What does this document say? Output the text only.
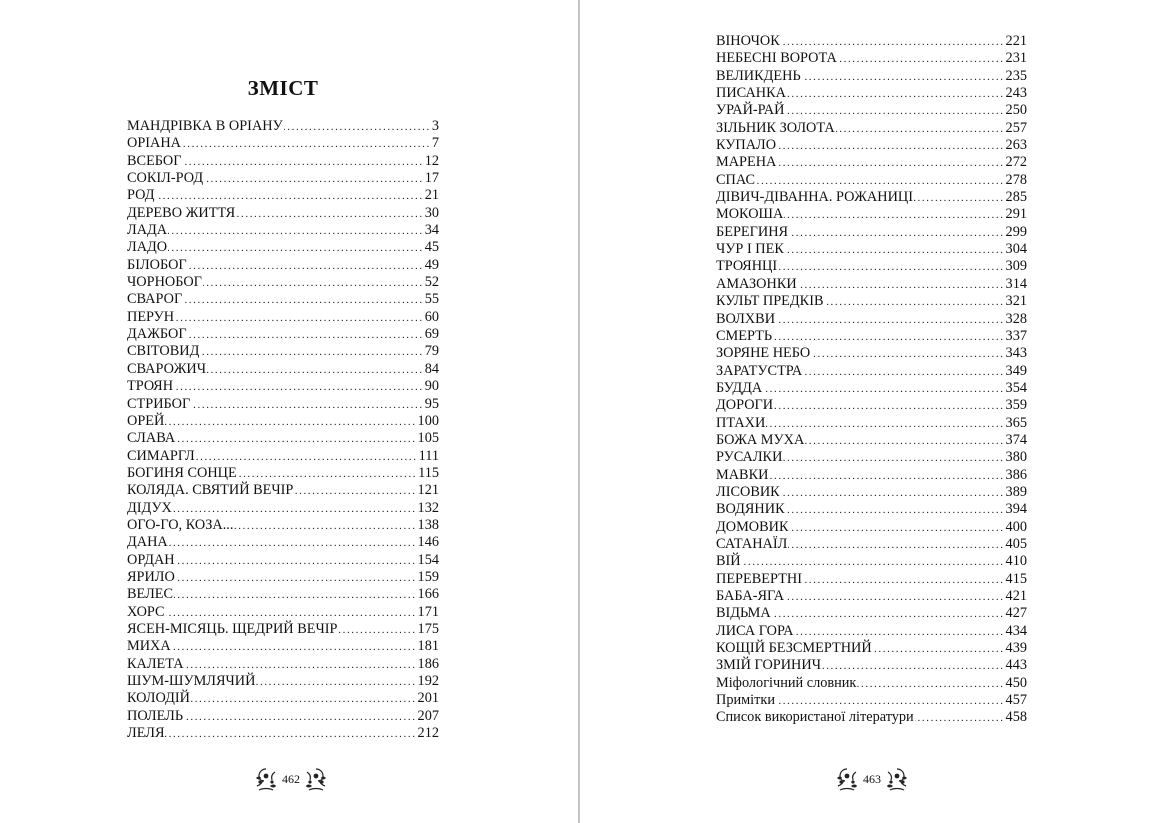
ЗМІСТ
МАНДРІВКА В ОРІАНУ .....	3
ОРІАНА .....	7
ВСЕБОГ .....	12
СОКІЛ-РОД .....	17
РОД .....	21
ДЕРЕВО ЖИТТЯ .....	30
ЛАДА .....	34
ЛАДО .....	45
БІЛОБОГ .....	49
ЧОРНОБОГ .....	52
СВАРОГ .....	55
ПЕРУН .....	60
ДАЖБОГ .....	69
СВІТОВИД .....	79
СВАРОЖИЧ .....	84
ТРОЯН .....	90
СТРИБОГ .....	95
ОРЕЙ .....	100
СЛАВА .....	105
СИМАРГЛ .....	111
БОГИНЯ СОНЦЕ .....	115
КОЛЯДА. СВЯТИЙ ВЕЧІР .....	121
ДІДУХ .....	132
ОГО-ГО, КОЗА... .....	138
ДАНА .....	146
ОРДАН .....	154
ЯРИЛО .....	159
ВЕЛЕС .....	166
ХОРС .....	171
ЯСЕН-МІСЯЦЬ. ЩЕДРИЙ ВЕЧІР .....	175
МИХА .....	181
КАЛЕТА .....	186
ШУМ-ШУМЛЯЧИЙ .....	192
КОЛОДІЙ .....	201
ПОЛЕЛЬ .....	207
ЛЕЛЯ .....	212
462
ВІНОЧОК .....	221
НЕБЕСНІ ВОРОТА .....	231
ВЕЛИКДЕНЬ .....	235
ПИСАНКА .....	243
УРАЙ-РАЙ .....	250
ЗІЛЬНИК ЗОЛОТА .....	257
КУПАЛО .....	263
МАРЕНА .....	272
СПАС .....	278
ДІВИЧ-ДІВАННА. РОЖАНИЦІ .....	285
МОКОША .....	291
БЕРЕГИНЯ .....	299
ЧУР І ПЕК .....	304
ТРОЯНЦІ .....	309
АМАЗОНКИ .....	314
КУЛЬТ ПРЕДКІВ .....	321
ВОЛХВИ .....	328
СМЕРТЬ .....	337
ЗОРЯНЕ НЕБО .....	343
ЗАРАТУСТРА .....	349
БУДДА .....	354
ДОРОГИ .....	359
ПТАХИ .....	365
БОЖА МУХА .....	374
РУСАЛКИ .....	380
МАВКИ .....	386
ЛІСОВИК .....	389
ВОДЯНИК .....	394
ДОМОВИК .....	400
САТАНАЇЛ .....	405
ВІЙ .....	410
ПЕРЕВЕРТНІ .....	415
БАБА-ЯГА .....	421
ВІДЬМА .....	427
ЛИСА ГОРА .....	434
КОЩІЙ БЕЗСМЕРТНИЙ .....	439
ЗМІЙ ГОРИНИЧ .....	443
Міфологічний словник .....	450
Примітки .....	457
Список використаної літератури .....	458
463
